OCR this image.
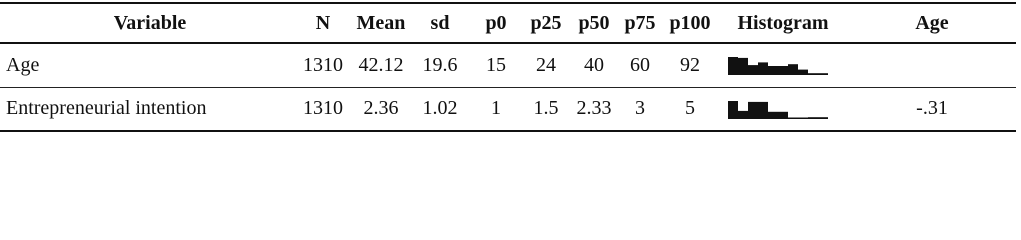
Variable	N	Mean	sd	p0	p25	p50	p75	p100	Histogram	Age
Age	1310	42.12	19.6	15	24	40	60	92	

Entrepreneurial intention	1310	2.36	1.02	1	1.5	2.33	3	5		-.31
